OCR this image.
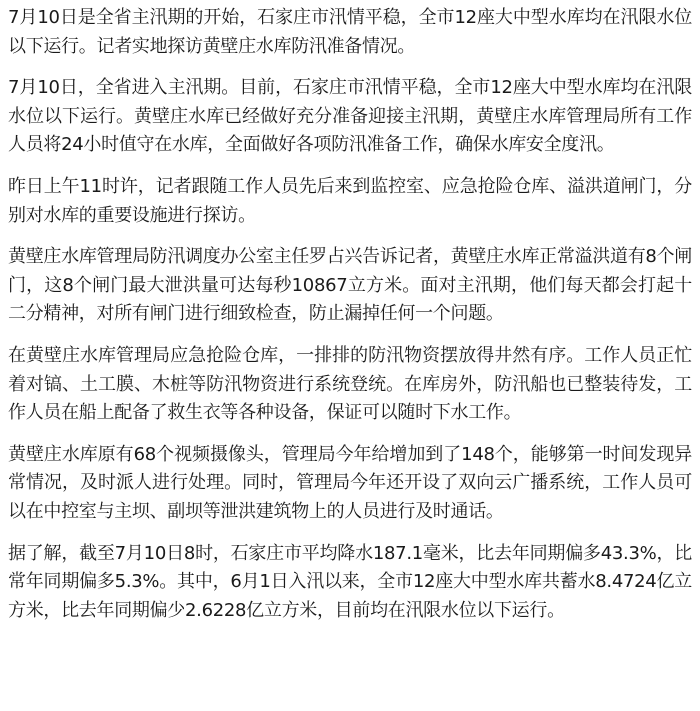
7月10日是全省主汛期的开始，石家庄市汛情平稳，全市12座大中型水库均在汛限水位以下运行。记者实地探访黄壁庄水库防汛准备情况。

7月10日，全省进入主汛期。目前，石家庄市汛情平稳，全市12座大中型水库均在汛限水位以下运行。黄壁庄水库已经做好充分准备迎接主汛期，黄壁庄水库管理局所有工作人员将24小时值守在水库，全面做好各项防汛准备工作，确保水库安全度汛。

昨日上午11时许，记者跟随工作人员先后来到监控室、应急抢险仓库、溢洪道闸门，分别对水库的重要设施进行探访。

黄壁庄水库管理局防汛调度办公室主任罗占兴告诉记者，黄壁庄水库正常溢洪道有8个闸门，这8个闸门最大泄洪量可达每秒10867立方米。面对主汛期，他们每天都会打起十二分精神，对所有闸门进行细致检查，防止漏掉任何一个问题。

在黄壁庄水库管理局应急抢险仓库，一排排的防汛物资摆放得井然有序。工作人员正忙着对镐、土工膜、木桩等防汛物资进行系统登统。在库房外，防汛船也已整装待发，工作人员在船上配备了救生衣等各种设备，保证可以随时下水工作。

黄壁庄水库原有68个视频摄像头，管理局今年给增加到了148个，能够第一时间发现异常情况，及时派人进行处理。同时，管理局今年还开设了双向云广播系统，工作人员可以在中控室与主坝、副坝等泄洪建筑物上的人员进行及时通话。

据了解，截至7月10日8时，石家庄市平均降水187.1毫米，比去年同期偏多43.3%，比常年同期偏多5.3%。其中，6月1日入汛以来，全市12座大中型水库共蓄水8.4724亿立方米，比去年同期偏少2.6228亿立方米，目前均在汛限水位以下运行。
